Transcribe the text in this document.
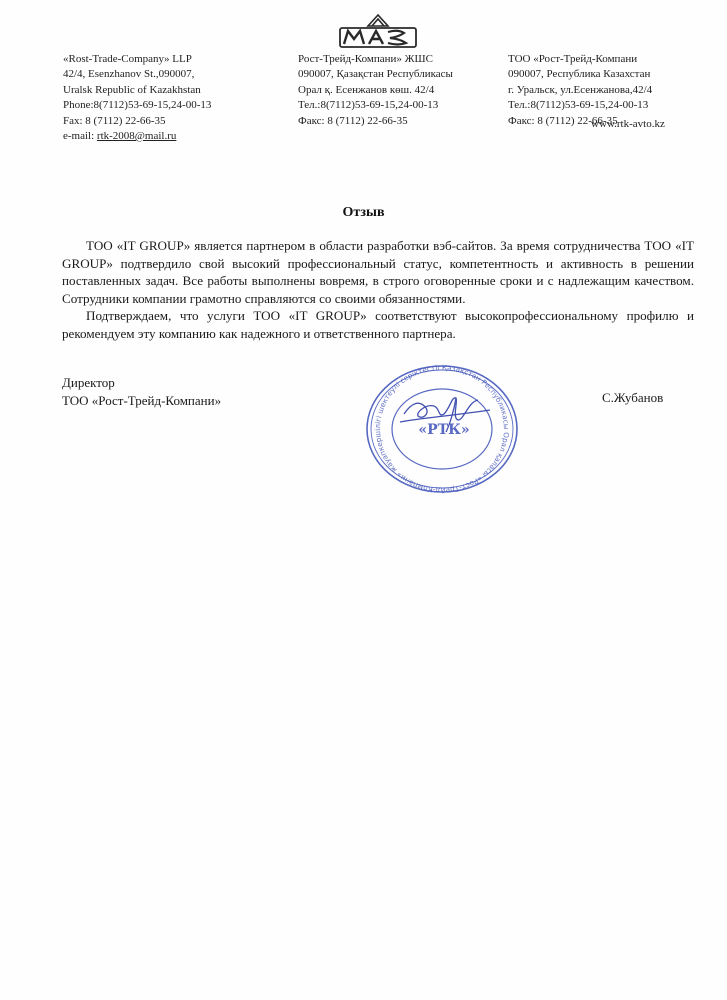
«Rost-Trade-Company» LLP
42/4, Esenzhanov St.,090007,
Uralsk Republic of Kazakhstan
Phone:8(7112)53-69-15,24-00-13
Fax: 8 (7112) 22-66-35
e-mail: rtk-2008@mail.ru
Рост-Трейд-Компани» ЖШС
090007, Қазақстан Республикасы
Орал қ. Есенжанов көш. 42/4
Тел.:8(7112)53-69-15,24-00-13
Факс: 8 (7112) 22-66-35
ТОО «Рост-Трейд-Компани
090007, Республика Казахстан
г. Уральск, ул.Есенжанова,42/4
Тел.:8(7112)53-69-15,24-00-13
Факс: 8 (7112) 22-66-35
www.rtk-avto.kz
Отзыв

ТОО «IT GROUP» является партнером в области разработки вэб-сайтов. За время сотрудничества ТОО «IT GROUP» подтвердило свой высокий профессиональный статус, компетентность и активность в решении поставленных задач. Все работы выполнены вовремя, в строго оговоренные сроки и с надлежащим качеством. Сотрудники компании грамотно справляются со своими обязанностями.

Подтверждаем, что услуги ТОО «IT GROUP» соответствуют высокопрофессиональному профилю и рекомендуем эту компанию как надежного и ответственного партнера.

Директор
ТОО «Рост-Трейд-Компани»	С.Жубанов
Қазақстан Республикасы Орал қаласы «Рост-Трейд-Компани» жауапкершілігі шектеулі серіктестіг
«РТК»
